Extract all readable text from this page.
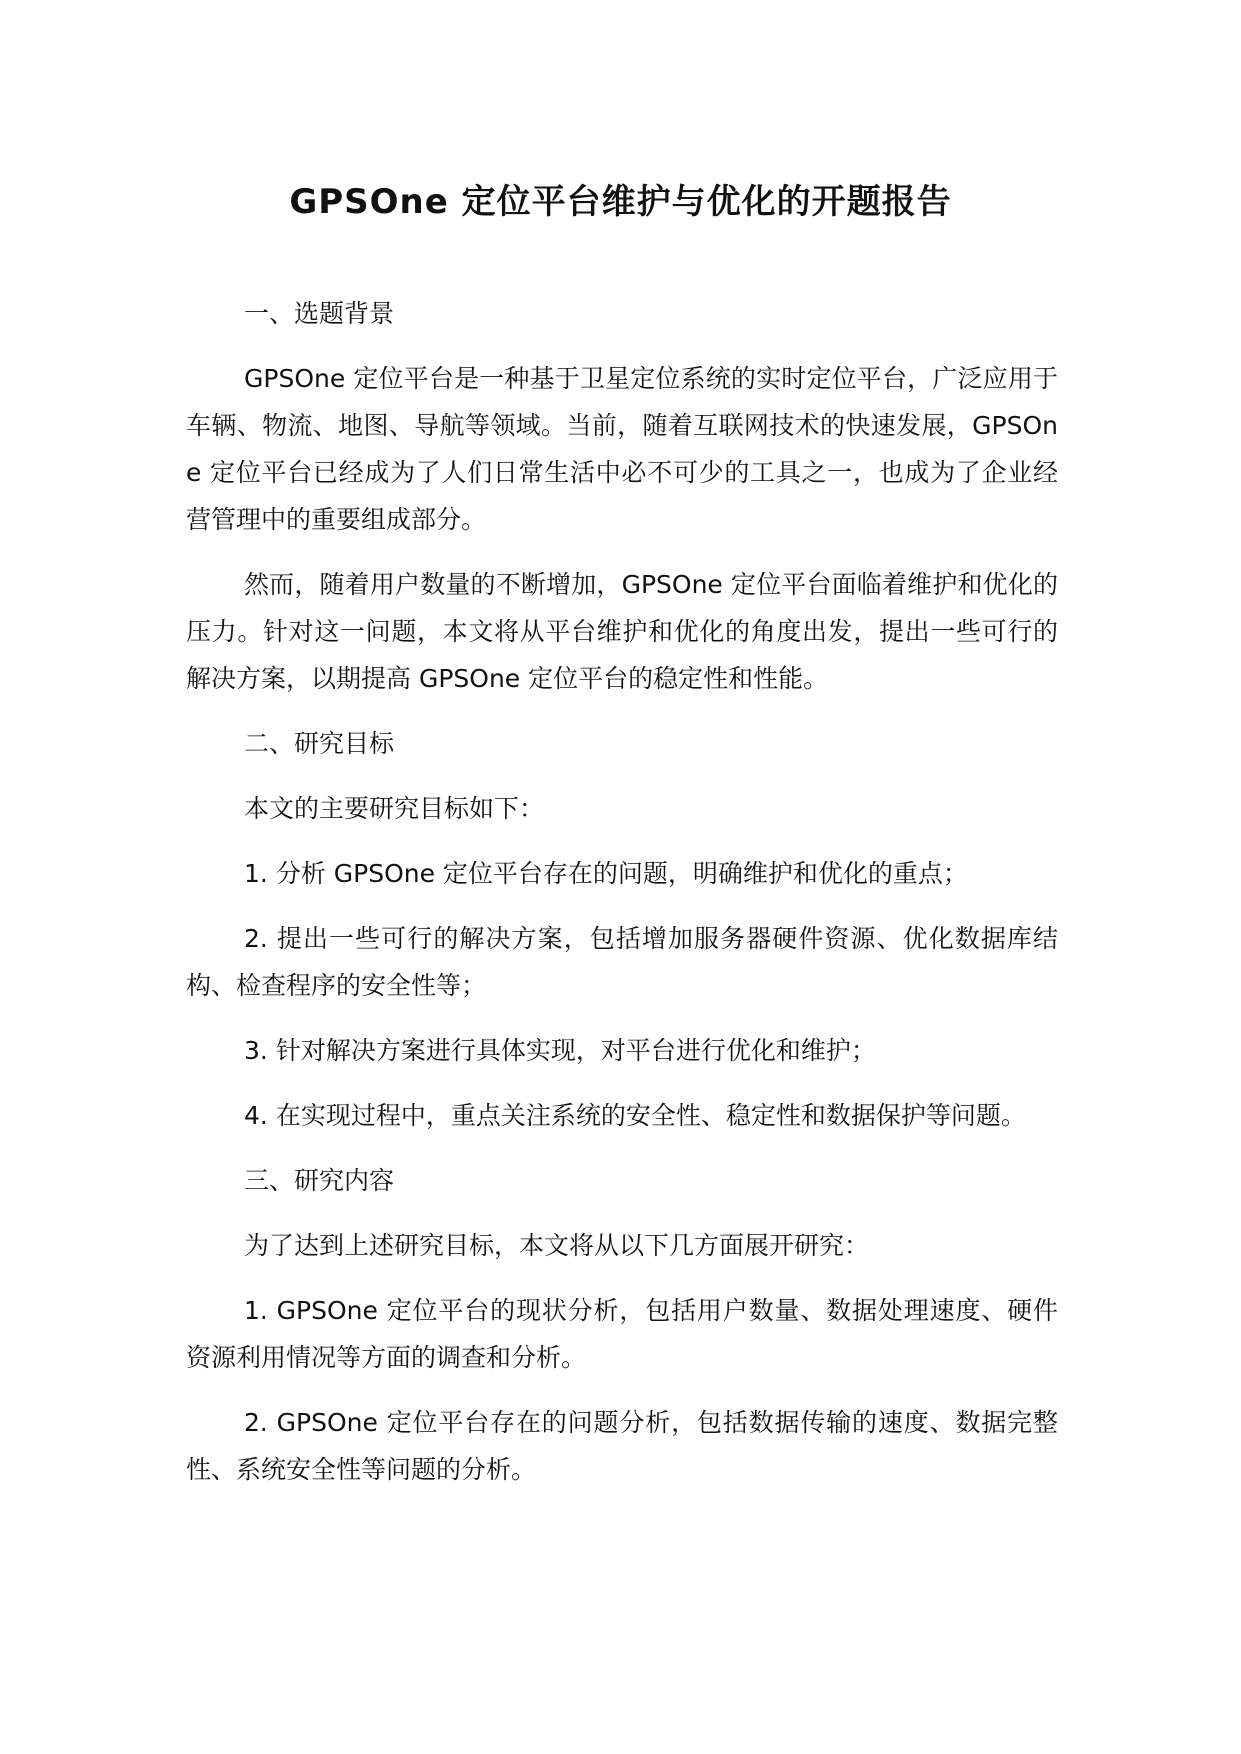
GPSOne 定位平台维护与优化的开题报告

一、选题背景

GPSOne 定位平台是一种基于卫星定位系统的实时定位平台，广泛应用于车辆、物流、地图、导航等领域。当前，随着互联网技术的快速发展，GPSOne 定位平台已经成为了人们日常生活中必不可少的工具之一，也成为了企业经营管理中的重要组成部分。

然而，随着用户数量的不断增加，GPSOne 定位平台面临着维护和优化的压力。针对这一问题，本文将从平台维护和优化的角度出发，提出一些可行的解决方案，以期提高 GPSOne 定位平台的稳定性和性能。

二、研究目标

本文的主要研究目标如下：

1. 分析 GPSOne 定位平台存在的问题，明确维护和优化的重点；
2. 提出一些可行的解决方案，包括增加服务器硬件资源、优化数据库结构、检查程序的安全性等；
3. 针对解决方案进行具体实现，对平台进行优化和维护；
4. 在实现过程中，重点关注系统的安全性、稳定性和数据保护等问题。

三、研究内容

为了达到上述研究目标，本文将从以下几方面展开研究：

1. GPSOne 定位平台的现状分析，包括用户数量、数据处理速度、硬件资源利用情况等方面的调查和分析。
2. GPSOne 定位平台存在的问题分析，包括数据传输的速度、数据完整性、系统安全性等问题的分析。
